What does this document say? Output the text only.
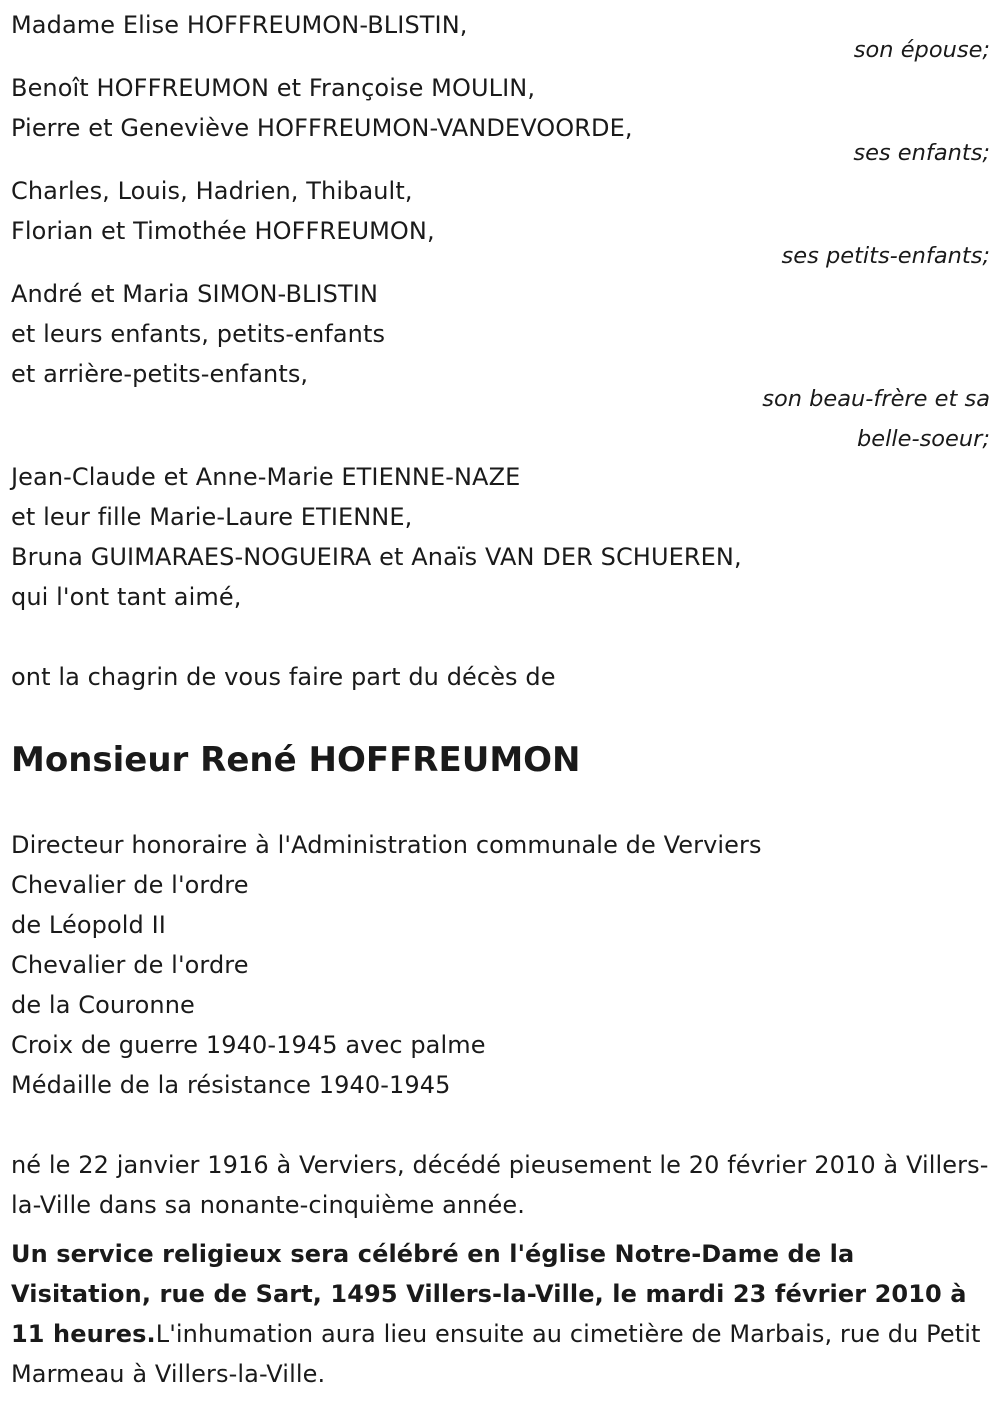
Madame Elise HOFFREUMON-BLISTIN,
son épouse;
Benoît HOFFREUMON et Françoise MOULIN,
Pierre et Geneviève HOFFREUMON-VANDEVOORDE,
ses enfants;
Charles, Louis, Hadrien, Thibault,
Florian et Timothée HOFFREUMON,
ses petits-enfants;
André et Maria SIMON-BLISTIN
et leurs enfants, petits-enfants
et arrière-petits-enfants,
son beau-frère et sa
belle-soeur;
Jean-Claude et Anne-Marie ETIENNE-NAZE
et leur fille Marie-Laure ETIENNE,
Bruna GUIMARAES-NOGUEIRA et Anaïs VAN DER SCHUEREN,
qui l'ont tant aimé,
ont la chagrin de vous faire part du décès de
Monsieur René HOFFREUMON
Directeur honoraire à l'Administration communale de Verviers
Chevalier de l'ordre
de Léopold II
Chevalier de l'ordre
de la Couronne
Croix de guerre 1940-1945 avec palme
Médaille de la résistance 1940-1945
né le 22 janvier 1916 à Verviers, décédé pieusement le 20 février 2010 à Villers-la-Ville dans sa nonante-cinquième année.
Un service religieux sera célébré en l'église Notre-Dame de la Visitation, rue de Sart, 1495 Villers-la-Ville, le mardi 23 février 2010 à 11 heures.L'inhumation aura lieu ensuite au cimetière de Marbais, rue du Petit Marmeau à Villers-la-Ville.
